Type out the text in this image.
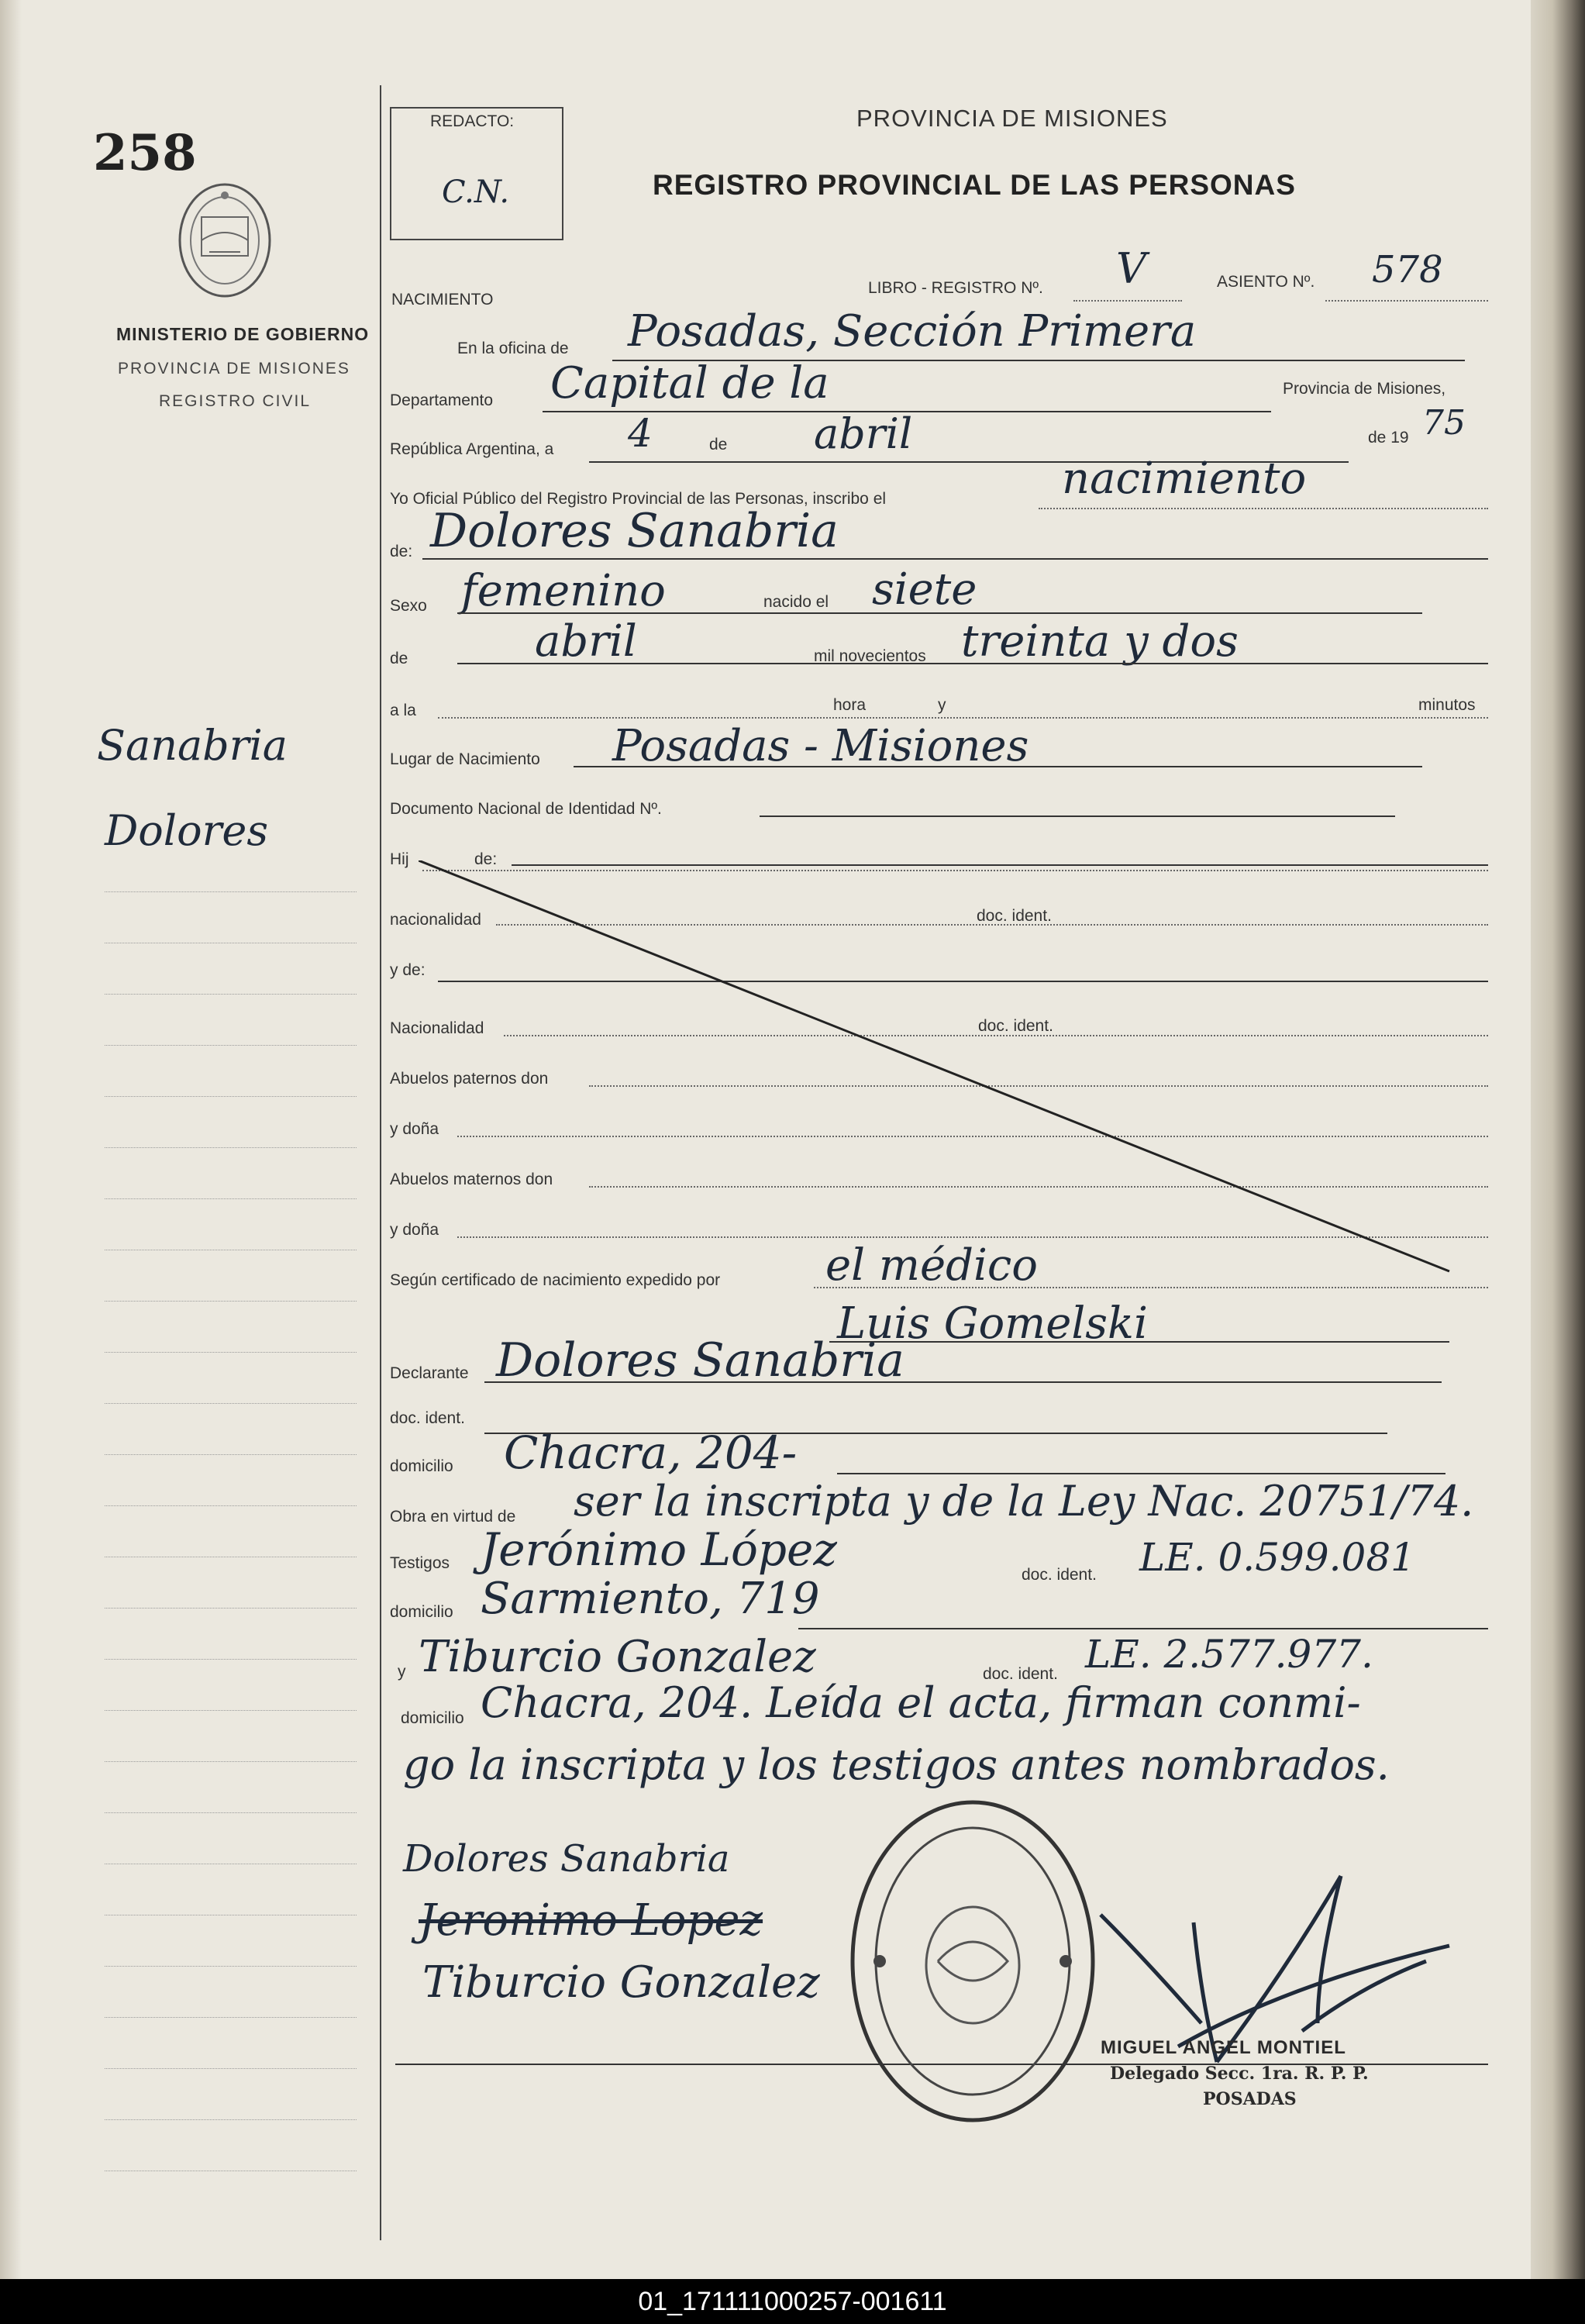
258
MINISTERIO DE GOBIERNO
PROVINCIA DE MISIONES
REGISTRO CIVIL
Sanabria
Dolores
REDACTO:
C.N.
PROVINCIA DE MISIONES
REGISTRO PROVINCIAL DE LAS PERSONAS
NACIMIENTO
LIBRO - REGISTRO Nº. V	ASIENTO Nº. 578
En la oficina de Posadas, Sección Primera
Departamento Capital de la	Provincia de Misiones,
República Argentina, a 4	de abril	de 19 75
Yo Oficial Público del Registro Provincial de las Personas, inscribo el	nacimiento
de: Dolores Sanabria
Sexo femenino	nacido el siete
de	abril	mil novecientos treinta y dos
a la	hora	y	minutos
Lugar de Nacimiento Posadas - Misiones
Documento Nacional de Identidad Nº.
Hij	de:
nacionalidad	doc. ident.
y de:
Nacionalidad	doc. ident.
Abuelos paternos don
y doña
Abuelos maternos don
y doña
Según certificado de nacimiento expedido por el médico
Luis Gomelski
Declarante Dolores Sanabria
doc. ident.
domicilio Chacra, 204-
Obra en virtud de ser la inscripta y de la Ley Nac. 20751/74.
Testigos Jerónimo López	doc. ident. LE. 0.599.081
domicilio Sarmiento, 719
y Tiburcio Gonzalez	doc. ident. LE. 2.577.977.
domicilio Chacra, 204. Leída el acta, firman conmi-
go la inscripta y los testigos antes nombrados.
Dolores Sanabria
Jeronimo Lopez
Tiburcio Gonzalez
MIGUEL ANGEL MONTIEL
Delegado Secc. 1ra. R. P. P.
POSADAS
01_171111000257-001611
